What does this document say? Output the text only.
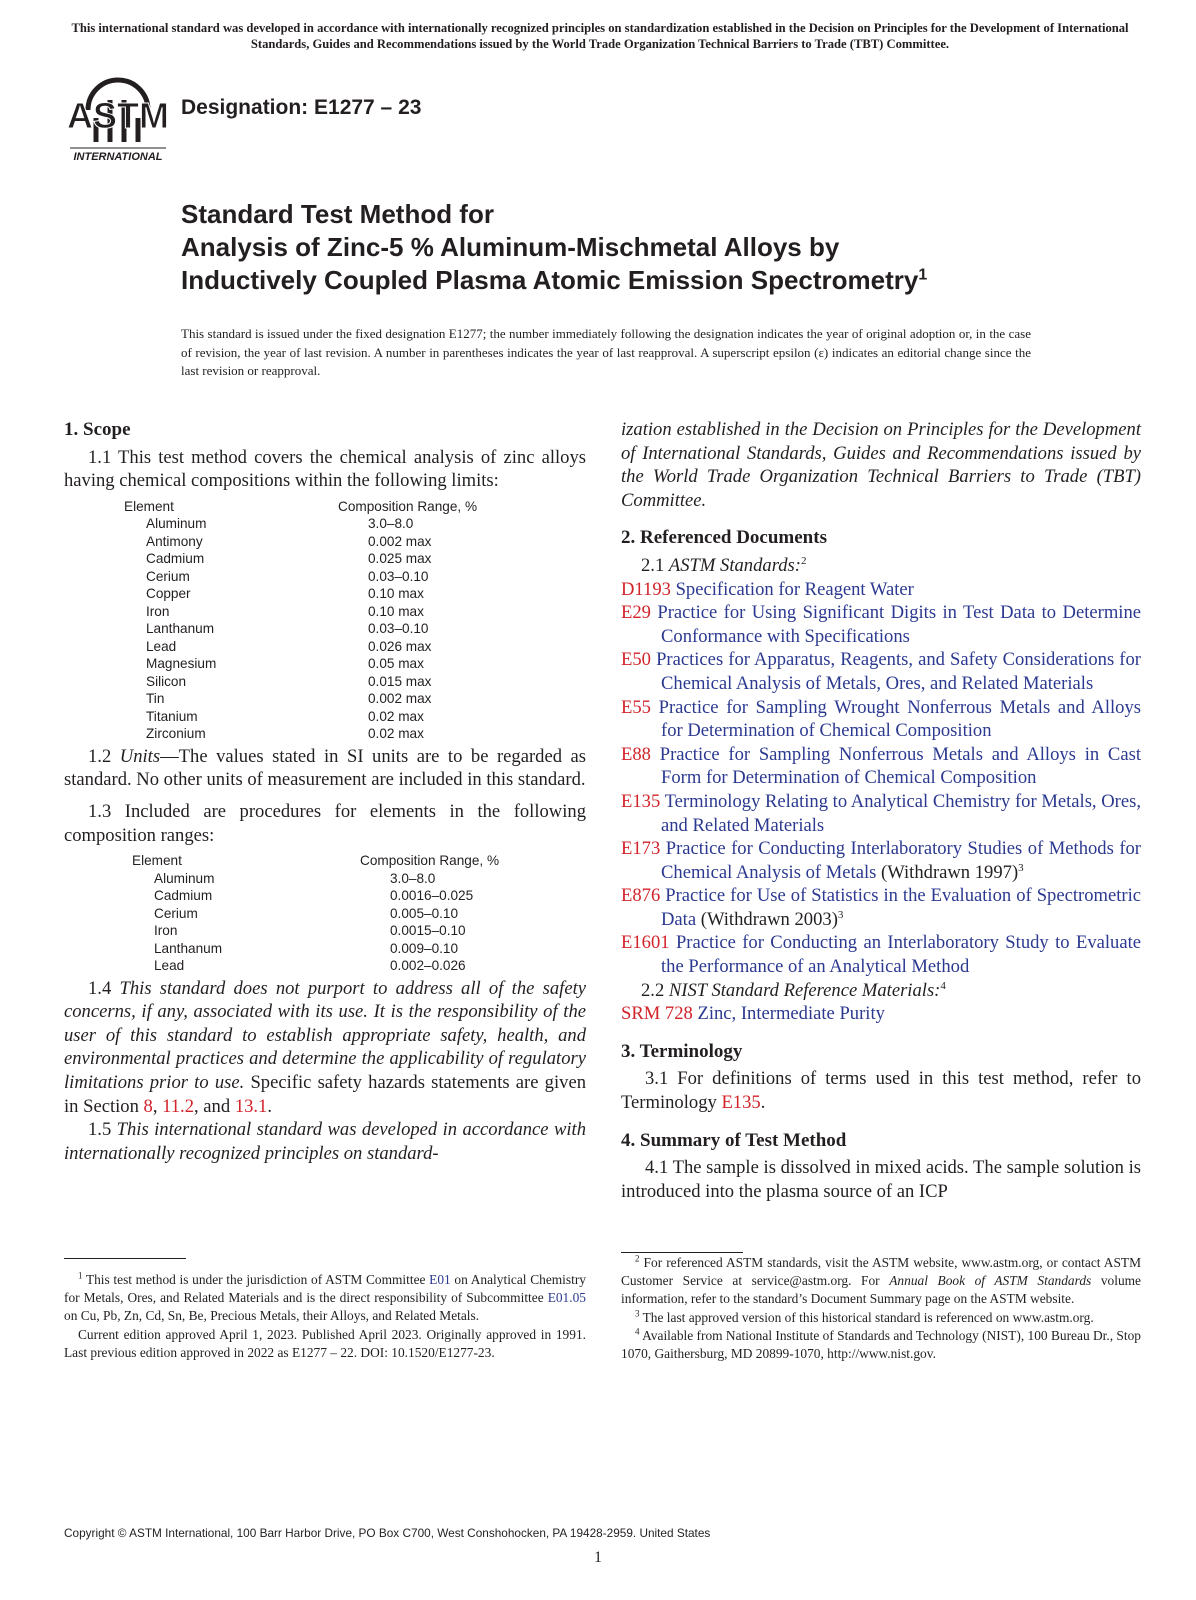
This international standard was developed in accordance with internationally recognized principles on standardization established in the Decision on Principles for the Development of International Standards, Guides and Recommendations issued by the World Trade Organization Technical Barriers to Trade (TBT) Committee.
ASTM
INTERNATIONAL
Designation: E1277 – 23
Standard Test Method for
Analysis of Zinc-5 % Aluminum-Mischmetal Alloys by
Inductively Coupled Plasma Atomic Emission Spectrometry$^1$
This standard is issued under the fixed designation E1277; the number immediately following the designation indicates the year of original adoption or, in the case of revision, the year of last revision. A number in parentheses indicates the year of last reapproval. A superscript epsilon (ε) indicates an editorial change since the last revision or reapproval.

1. Scope

1.1 This test method covers the chemical analysis of zinc alloys having chemical compositions within the following limits:

Element	Composition Range, %
Aluminum	3.0–8.0
Antimony	0.002 max
Cadmium	0.025 max
Cerium	0.03–0.10
Copper	0.10 max
Iron	0.10 max
Lanthanum	0.03–0.10
Lead	0.026 max
Magnesium	0.05 max
Silicon	0.015 max
Tin	0.002 max
Titanium	0.02 max
Zirconium	0.02 max

1.2 Units—The values stated in SI units are to be regarded as standard. No other units of measurement are included in this standard.

1.3 Included are procedures for elements in the following composition ranges:

Element	Composition Range, %
Aluminum	3.0–8.0
Cadmium	0.0016–0.025
Cerium	0.005–0.10
Iron	0.0015–0.10
Lanthanum	0.009–0.10
Lead	0.002–0.026

1.4 This standard does not purport to address all of the safety concerns, if any, associated with its use. It is the responsibility of the user of this standard to establish appropriate safety, health, and environmental practices and determine the applicability of regulatory limitations prior to use. Specific safety hazards statements are given in Section 8, 11.2, and 13.1.

1.5 This international standard was developed in accordance with internationally recognized principles on standard-

ization established in the Decision on Principles for the Development of International Standards, Guides and Recommendations issued by the World Trade Organization Technical Barriers to Trade (TBT) Committee.

2. Referenced Documents

2.1 ASTM Standards:$^2$

D1193 Specification for Reagent Water

E29 Practice for Using Significant Digits in Test Data to Determine Conformance with Specifications

E50 Practices for Apparatus, Reagents, and Safety Considerations for Chemical Analysis of Metals, Ores, and Related Materials

E55 Practice for Sampling Wrought Nonferrous Metals and Alloys for Determination of Chemical Composition

E88 Practice for Sampling Nonferrous Metals and Alloys in Cast Form for Determination of Chemical Composition

E135 Terminology Relating to Analytical Chemistry for Metals, Ores, and Related Materials

E173 Practice for Conducting Interlaboratory Studies of Methods for Chemical Analysis of Metals (Withdrawn 1997)$^3$

E876 Practice for Use of Statistics in the Evaluation of Spectrometric Data (Withdrawn 2003)$^3$

E1601 Practice for Conducting an Interlaboratory Study to Evaluate the Performance of an Analytical Method

2.2 NIST Standard Reference Materials:$^4$

SRM 728 Zinc, Intermediate Purity

3. Terminology

3.1 For definitions of terms used in this test method, refer to Terminology E135.

4. Summary of Test Method

4.1 The sample is dissolved in mixed acids. The sample solution is introduced into the plasma source of an ICP

$^1$ This test method is under the jurisdiction of ASTM Committee E01 on Analytical Chemistry for Metals, Ores, and Related Materials and is the direct responsibility of Subcommittee E01.05 on Cu, Pb, Zn, Cd, Sn, Be, Precious Metals, their Alloys, and Related Metals.

Current edition approved April 1, 2023. Published April 2023. Originally approved in 1991. Last previous edition approved in 2022 as E1277 – 22. DOI: 10.1520/E1277-23.

$^2$ For referenced ASTM standards, visit the ASTM website, www.astm.org, or contact ASTM Customer Service at service@astm.org. For Annual Book of ASTM Standards volume information, refer to the standard’s Document Summary page on the ASTM website.

$^3$ The last approved version of this historical standard is referenced on www.astm.org.

$^4$ Available from National Institute of Standards and Technology (NIST), 100 Bureau Dr., Stop 1070, Gaithersburg, MD 20899-1070, http://www.nist.gov.

Copyright © ASTM International, 100 Barr Harbor Drive, PO Box C700, West Conshohocken, PA 19428-2959. United States
1
